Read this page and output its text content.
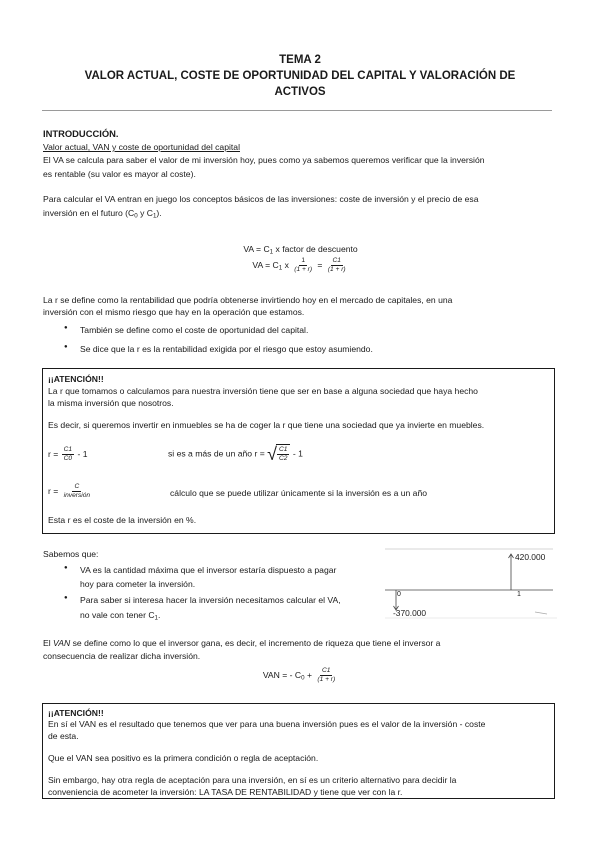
TEMA 2
VALOR ACTUAL, COSTE DE OPORTUNIDAD DEL CAPITAL Y VALORACIÓN DE
ACTIVOS
INTRODUCCIÓN.
Valor actual, VAN y coste de oportunidad del capital
El VA se calcula para saber el valor de mi inversión hoy, pues como ya sabemos queremos verificar que la inversión
es rentable (su valor es mayor al coste).
Para calcular el VA entran en juego los conceptos básicos de las inversiones: coste de inversión y el precio de esa
inversión en el futuro ($C_0$ y $C_1$).
VA = $C_1$ x factor de descuento
VA = $C_1$ x $\frac{1}{(1 + r)} = \frac{C1}{(1 + r)}$
La r se define como la rentabilidad que podría obtenerse invirtiendo hoy en el mercado de capitales, en una
inversión con el mismo riesgo que hay en la operación que estamos.
● También se define como el coste de oportunidad del capital.
● Se dice que la r es la rentabilidad exigida por el riesgo que estoy asumiendo.
¡¡ATENCIÓN!!
La r que tomamos o calculamos para nuestra inversión tiene que ser en base a alguna sociedad que haya hecho
la misma inversión que nosotros.
Es decir, si queremos invertir en inmuebles se ha de coger la r que tiene una sociedad que ya invierte en muebles.
$r = \frac{C1}{C0} - 1$	si es a más de un año r = √ $\frac{C1}{C2} - 1$
$r = \frac{C}{\text{inversión}}$	cálculo que se puede utilizar únicamente si la inversión es a un año
Esta r es el coste de la inversión en %.
Sabemos que:
● VA es la cantidad máxima que el inversor estaría dispuesto a pagar
hoy para cometer la inversión.
● Para saber si interesa hacer la inversión necesitamos calcular el VA,
no vale con tener $C_1$.
420.000
-370.000
0	1
El VAN se define como lo que el inversor gana, es decir, el incremento de riqueza que tiene el inversor a
consecuencia de realizar dicha inversión.
VAN = - $C_0 + \frac{C1}{(1 + r)}$
¡¡ATENCIÓN!!
En sí el VAN es el resultado que tenemos que ver para una buena inversión pues es el valor de la inversión - coste
de esta.
Que el VAN sea positivo es la primera condición o regla de aceptación.
Sin embargo, hay otra regla de aceptación para una inversión, en sí es un criterio alternativo para decidir la
conveniencia de acometer la inversión: LA TASA DE RENTABILIDAD y tiene que ver con la r.
